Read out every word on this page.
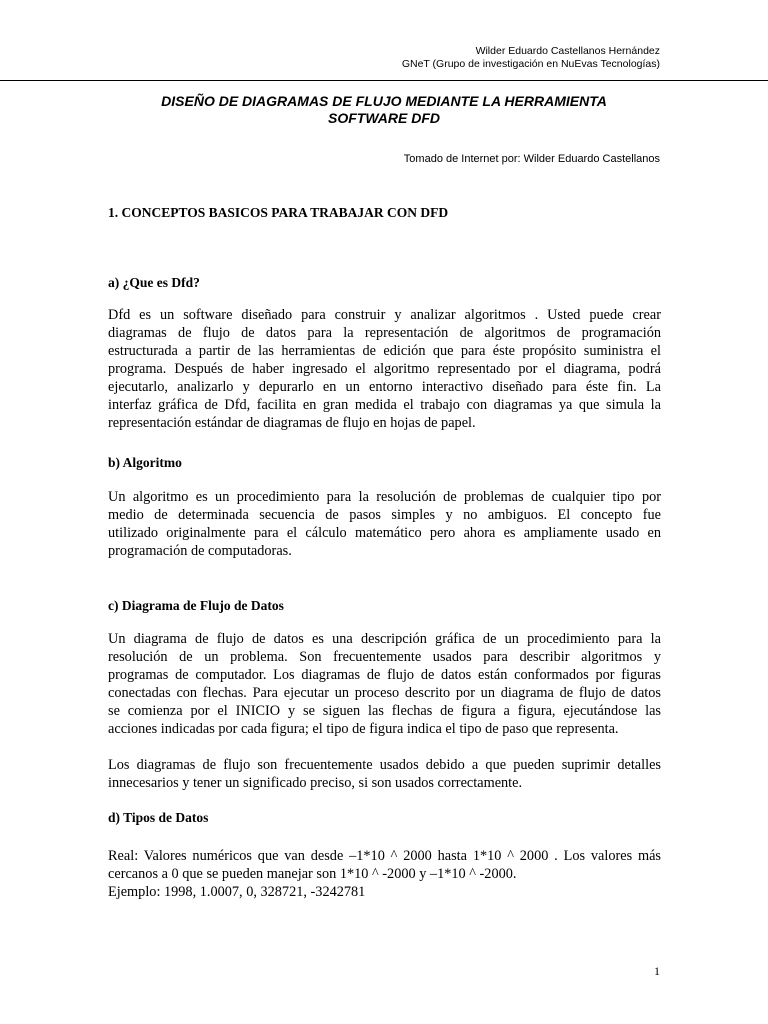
Wilder Eduardo Castellanos Hernández
GNeT (Grupo de investigación en NuEvas Tecnologías)
DISEÑO DE DIAGRAMAS DE FLUJO MEDIANTE LA HERRAMIENTA
SOFTWARE DFD
Tomado de Internet por: Wilder Eduardo Castellanos
1. CONCEPTOS BASICOS PARA TRABAJAR CON DFD
a) ¿Que es Dfd?
Dfd es un software diseñado para construir y analizar algoritmos . Usted puede crear
diagramas de flujo de datos para la representación de algoritmos de programación
estructurada a partir de las herramientas de edición que para éste propósito suministra el
programa. Después de haber ingresado el algoritmo representado por el diagrama, podrá
ejecutarlo, analizarlo y depurarlo en un entorno interactivo diseñado para éste fin. La
interfaz gráfica de Dfd, facilita en gran medida el trabajo con diagramas ya que simula la
representación estándar de diagramas de flujo en hojas de papel.
b) Algoritmo
Un algoritmo es un procedimiento para la resolución de problemas de cualquier tipo por
medio de determinada secuencia de pasos simples y no ambiguos. El concepto fue
utilizado originalmente para el cálculo matemático pero ahora es ampliamente usado en
programación de computadoras.
c) Diagrama de Flujo de Datos
Un diagrama de flujo de datos es una descripción gráfica de un procedimiento para la
resolución de un problema. Son frecuentemente usados para describir algoritmos y
programas de computador. Los diagramas de flujo de datos están conformados por figuras
conectadas con flechas. Para ejecutar un proceso descrito por un diagrama de flujo de datos
se comienza por el INICIO y se siguen las flechas de figura a figura, ejecutándose las
acciones indicadas por cada figura; el tipo de figura indica el tipo de paso que representa.
Los diagramas de flujo son frecuentemente usados debido a que pueden suprimir detalles
innecesarios y tener un significado preciso, si son usados correctamente.
d) Tipos de Datos
Real: Valores numéricos que van desde –1*10 ^ 2000 hasta 1*10 ^ 2000 . Los valores más
cercanos a 0 que se pueden manejar son 1*10 ^ -2000 y –1*10 ^ -2000.
Ejemplo: 1998, 1.0007, 0, 328721, -3242781
1
